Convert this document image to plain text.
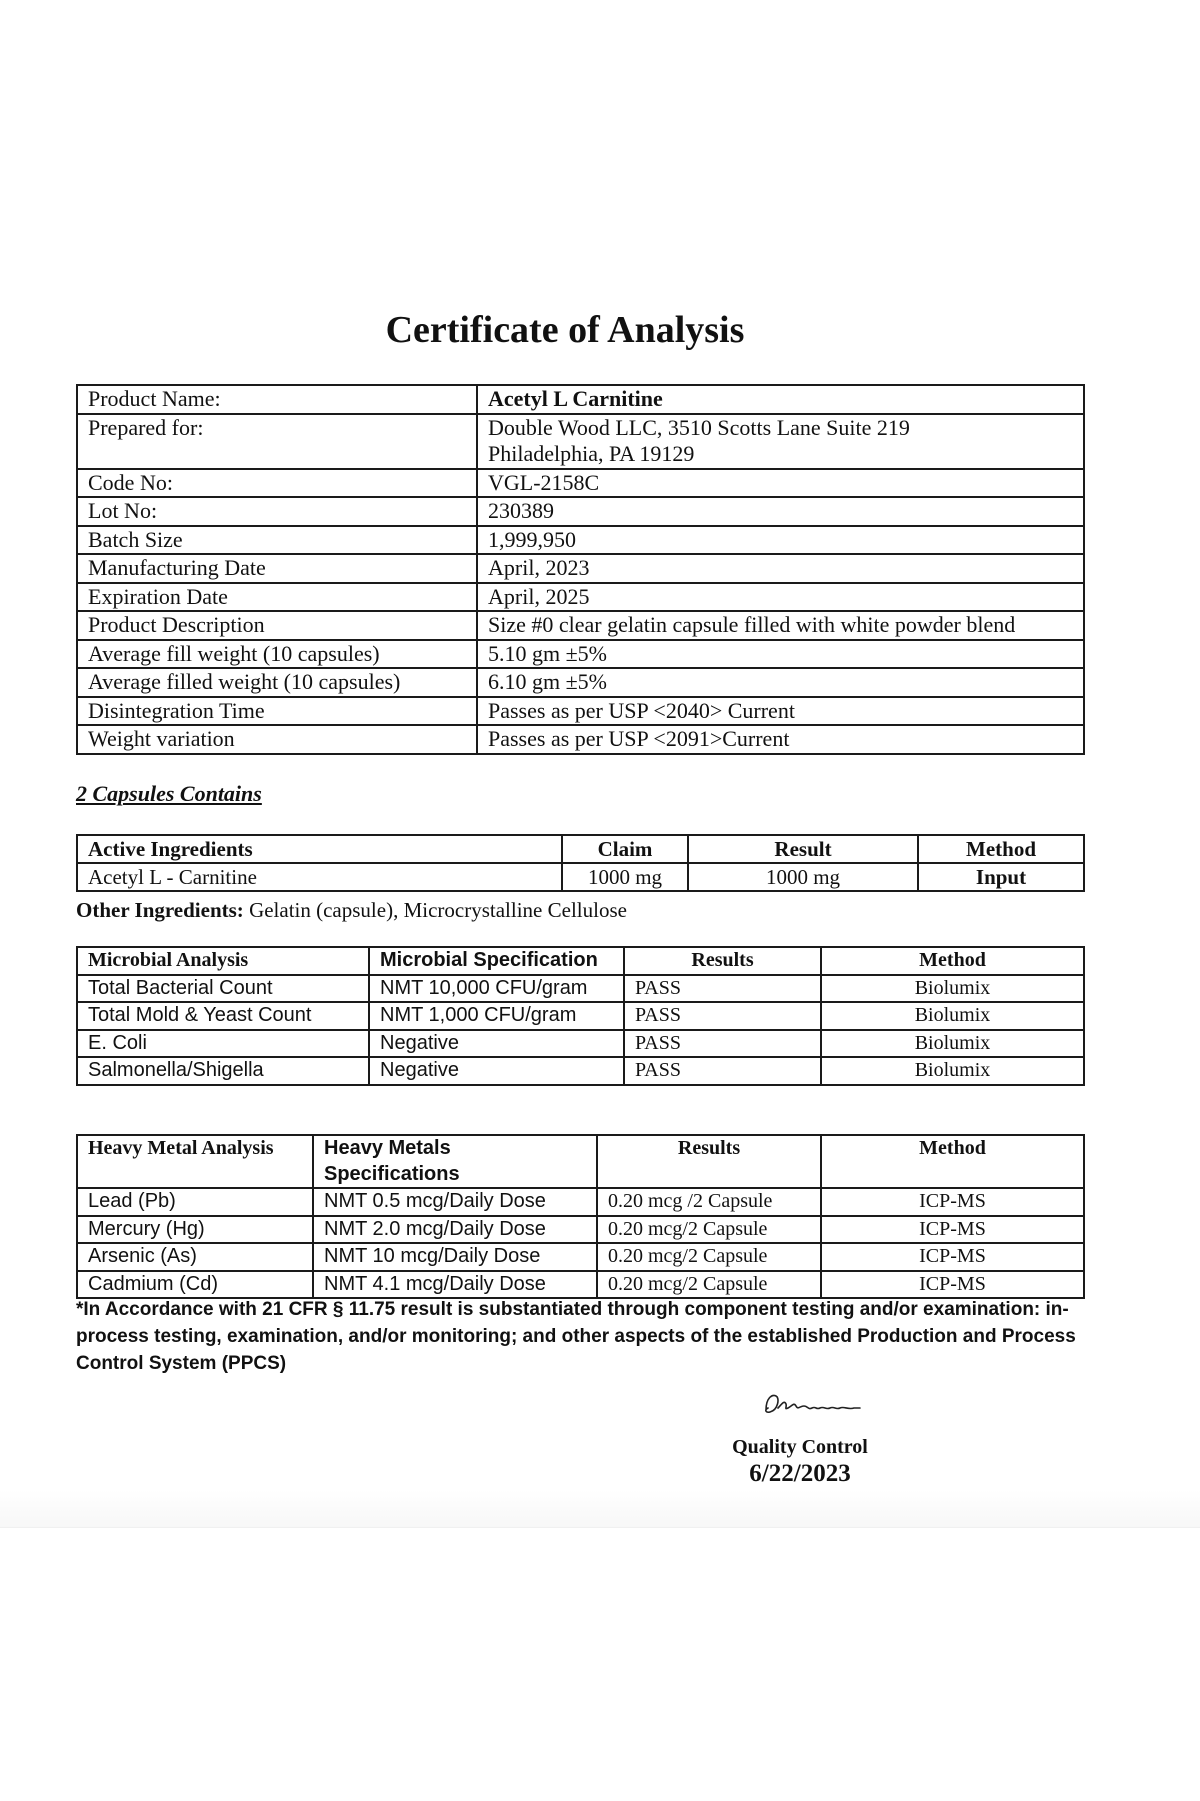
Certificate of Analysis
Product Name:	Acetyl L Carnitine

Prepared for:	Double Wood LLC, 3510 Scotts Lane Suite 219
Philadelphia, PA 19129

Code No:	VGL-2158C

Lot No:	230389

Batch Size	1,999,950

Manufacturing Date	April, 2023

Expiration Date	April, 2025

Product Description	Size #0 clear gelatin capsule filled with white powder blend

Average fill weight (10 capsules)	5.10 gm ±5%

Average filled weight (10 capsules)	6.10 gm ±5%

Disintegration Time	Passes as per USP <2040> Current

Weight variation	Passes as per USP <2091>Current
2 Capsules Contains
Active Ingredients	Claim	Result	Method
Acetyl L - Carnitine	1000 mg	1000 mg	Input
Other Ingredients: Gelatin (capsule), Microcrystalline Cellulose
Microbial Analysis	Microbial Specification	Results	Method
Total Bacterial Count	NMT 10,000 CFU/gram	PASS	Biolumix
Total Mold & Yeast Count	NMT 1,000 CFU/gram	PASS	Biolumix
E. Coli	Negative	PASS	Biolumix
Salmonella/Shigella	Negative	PASS	Biolumix
Heavy Metal Analysis	Heavy Metals Specifications	Results	Method
Lead (Pb)	NMT 0.5 mcg/Daily Dose	0.20 mcg /2 Capsule	ICP-MS
Mercury (Hg)	NMT 2.0 mcg/Daily Dose	0.20 mcg/2 Capsule	ICP-MS
Arsenic (As)	NMT 10 mcg/Daily Dose	0.20 mcg/2 Capsule	ICP-MS
Cadmium (Cd)	NMT 4.1 mcg/Daily Dose	0.20 mcg/2 Capsule	ICP-MS
*In Accordance with 21 CFR § 11.75 result is substantiated through component testing and/or examination: in-process testing, examination, and/or monitoring; and other aspects of the established Production and Process Control System (PPCS)
Quality Control
6/22/2023
